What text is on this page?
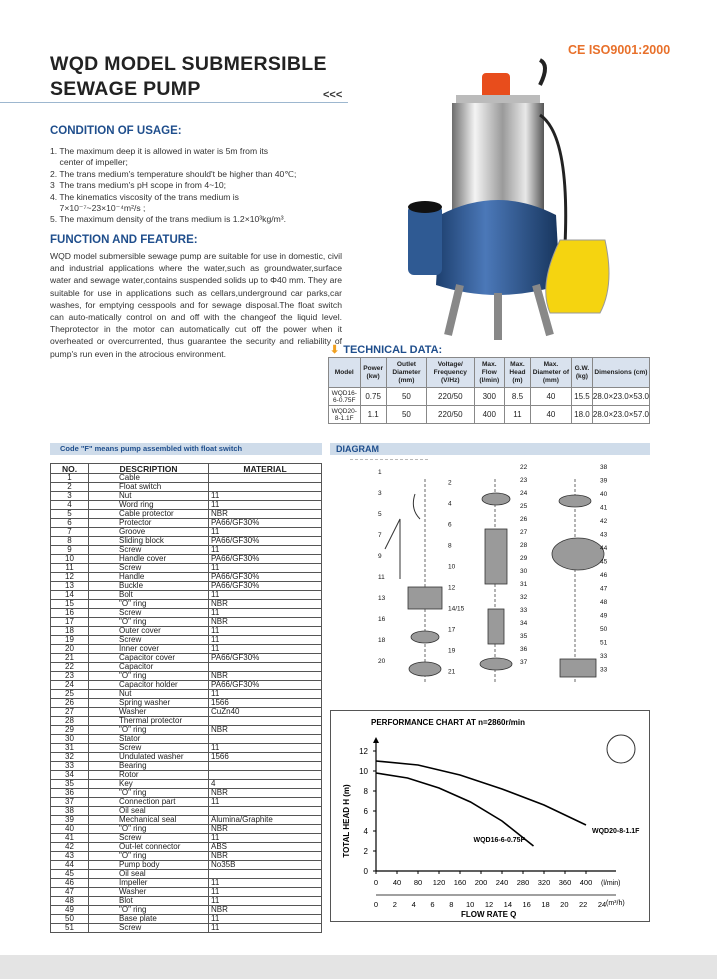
WQD MODEL SUBMERSIBLE
SEWAGE PUMP	<<<
CE ISO9001:2000
CONDITION OF USAGE:
1. The maximum deep it is allowed in water is 5m from its
center of impeller;
2. The trans medium's temperature should't be higher than 40℃;
3  The trans medium's pH scope in from 4~10;
4. The kinematics viscosity of the trans medium is
7×10⁻⁷~23×10⁻⁴m²/s ;
5. The maximum density of the trans medium is 1.2×10³kg/m³.
FUNCTION AND FEATURE:
WQD model submersible sewage pump are suitable for use in domestic, civil and industrial applications where the water,such as groundwater,surface water and sewage water,contains suspended solids up to Φ40 mm. They are suitable for use in applications such as cellars,underground car parks,car washes, for emptying cesspools and for sewage disposal.The float switch can auto-matically control on and off with the changeof the liquid level. Theprotector in the motor can automatically cut off the power when it overheated or overcurrented, thus guarantee the security and reliability of pump's run even in the atrocious environment.	⬇ TECHNICAL DATA:
Model	Power (kw)	Outlet Diameter (mm)	Voltage/ Frequency (V/Hz)	Max. Flow (l/min)	Max. Head (m)	Max. Diameter of (mm)	G.W. (kg)	Dimensions (cm)
WQD16-6-0.75F	0.75	50	220/50	300	8.5	40	15.5	28.0×23.0×53.0
WQD20-8-1.1F	1.1	50	220/50	400	11	40	18.0	28.0×23.0×57.0
Code "F" means pump assembled with float switch	DIAGRAM
NO.	DESCRIPTION	MATERIAL
1	Cable	
2	Float switch	
3	Nut	11
4	Word ring	11
5	Cable protector	NBR
6	Protector	PA66/GF30%
7	Groove	11
8	Sliding block	PA66/GF30%
9	Screw	11
10	Handle cover	PA66/GF30%
11	Screw	11
12	Handle	PA66/GF30%
13	Buckle	PA66/GF30%
14	Bolt	11
15	"O" ring	NBR
16	Screw	11
17	"O" ring	NBR
18	Outer cover	11
19	Screw	11
20	Inner cover	11
21	Capacitor cover	PA66/GF30%
22	Capacitor	
23	"O" ring	NBR
24	Capacitor holder	PA66/GF30%
25	Nut	11
26	Spring washer	1566
27	Washer	CuZn40
28	Thermal protector	
29	"O" ring	NBR
30	Stator	
31	Screw	11
32	Undulated washer	1566
33	Bearing	
34	Rotor	
35	Key	4
36	"O" ring	NBR
37	Connection part	11
38	Oil seal	
39	Mechanical seal	Alumina/Graphite
40	"O" ring	NBR
41	Screw	11
42	Out-let connector	ABS
43	"O" ring	NBR
44	Pump body	No35B
45	Oil seal	
46	Impeller	11
47	Washer	11
48	Blot	11
49	"O" ring	NBR
50	Base plate	11
51	Screw	11
1
2
3
4
5
6
7
8
9
10
11
12
13
14/15
16
17
18
19
20
21
22
23
24
25
26
27
28
29
30
31
32
33
34
35
36
37
38
39
40
41
42
43
44
45
46
47
48
49
50
51
33
33
PERFORMANCE CHART AT n=2860r/min
TOTAL HEAD H (m)
FLOW RATE Q
(l/min)
(m³/h)
0
2
4
6
8
10
12
0 40 80 120 160 200 240 280 320 360 400
0 2 4 6 8 10 12 14 16 18 20 22 24
WQD20-8-1.1F
WQD16-6-0.75F
